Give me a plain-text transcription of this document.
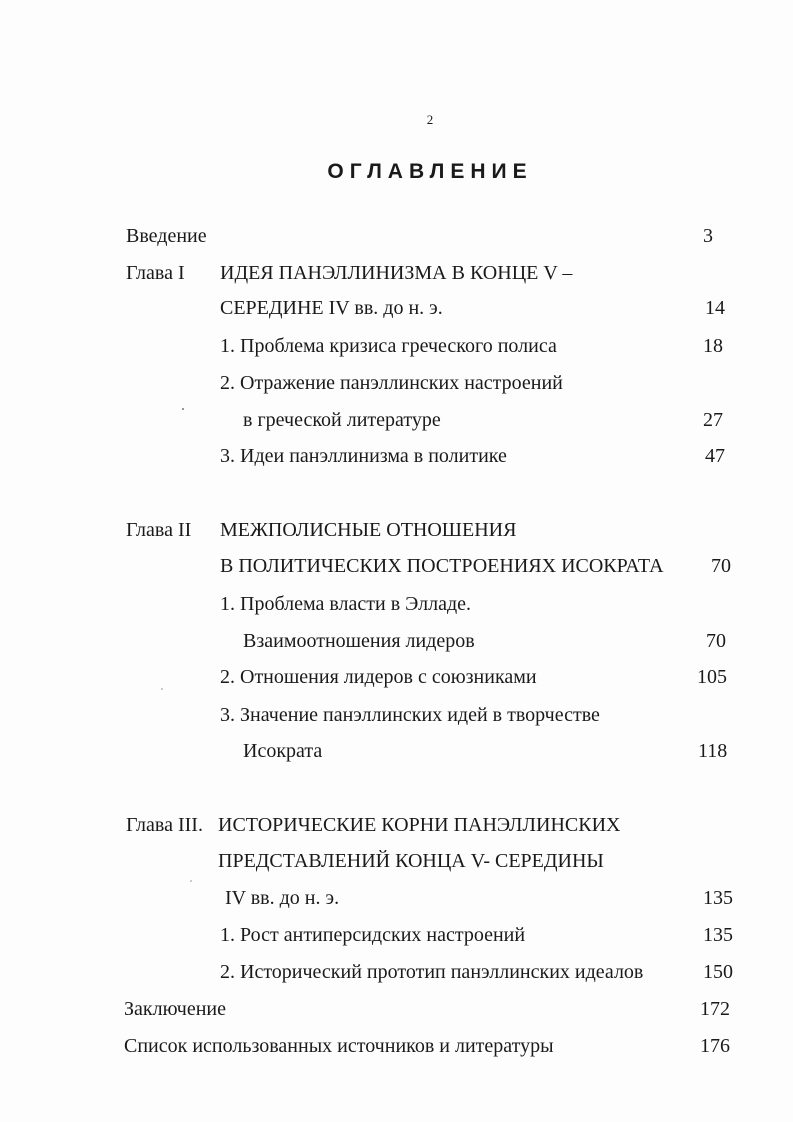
2
ОГЛАВЛЕНИЕ
Введение	3
Глава I ИДЕЯ ПАНЭЛЛИНИЗМА В КОНЦЕ V –
СЕРЕДИНЕ IV вв. до н. э.	14
1. Проблема кризиса греческого полиса	18
2. Отражение панэллинских настроений
в греческой литературе	27
3. Идеи панэллинизма в политике	47
Глава II МЕЖПОЛИСНЫЕ ОТНОШЕНИЯ
В ПОЛИТИЧЕСКИХ ПОСТРОЕНИЯХ ИСОКРАТА 70
1. Проблема власти в Элладе.
Взаимоотношения лидеров	70
2. Отношения лидеров с союзниками	105
3. Значение панэллинских идей в творчестве
Исократа	118
Глава III. ИСТОРИЧЕСКИЕ КОРНИ ПАНЭЛЛИНСКИХ
ПРЕДСТАВЛЕНИЙ КОНЦА V- СЕРЕДИНЫ
IV вв. до н. э.	135
1. Рост антиперсидских настроений	135
2. Исторический прототип панэллинских идеалов	150
Заключение	172
Список использованных источников и литературы	176
